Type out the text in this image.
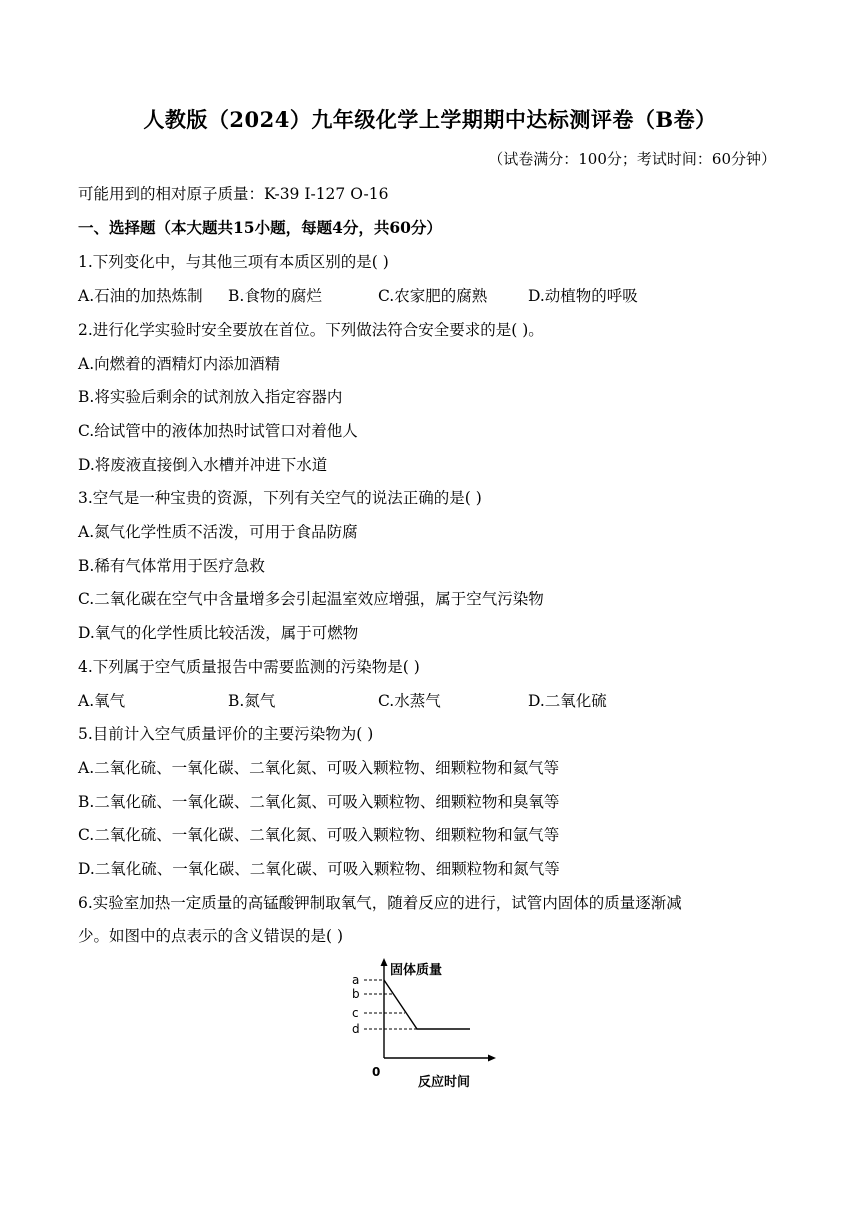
人教版（2024）九年级化学上学期期中达标测评卷（B卷）
（试卷满分：100分；考试时间：60分钟）
可能用到的相对原子质量：K-39 I-127 O-16
一、选择题（本大题共15小题，每题4分，共60分）
1.下列变化中，与其他三项有本质区别的是( )
A.石油的加热炼制 B.食物的腐烂	C.农家肥的腐熟	D.动植物的呼吸
2.进行化学实验时安全要放在首位。下列做法符合安全要求的是( )。
A.向燃着的酒精灯内添加酒精
B.将实验后剩余的试剂放入指定容器内
C.给试管中的液体加热时试管口对着他人
D.将废液直接倒入水槽并冲进下水道
3.空气是一种宝贵的资源，下列有关空气的说法正确的是( )
A.氮气化学性质不活泼，可用于食品防腐
B.稀有气体常用于医疗急救
C.二氧化碳在空气中含量增多会引起温室效应增强，属于空气污染物
D.氧气的化学性质比较活泼，属于可燃物
4.下列属于空气质量报告中需要监测的污染物是( )
A.氧气	B.氮气	C.水蒸气	D.二氧化硫
5.目前计入空气质量评价的主要污染物为( )
A.二氧化硫、一氧化碳、二氧化氮、可吸入颗粒物、细颗粒物和氦气等
B.二氧化硫、一氧化碳、二氧化氮、可吸入颗粒物、细颗粒物和臭氧等
C.二氧化硫、一氧化碳、二氧化氮、可吸入颗粒物、细颗粒物和氩气等
D.二氧化硫、一氧化碳、二氧化碳、可吸入颗粒物、细颗粒物和氮气等
6.实验室加热一定质量的高锰酸钾制取氧气，随着反应的进行，试管内固体的质量逐渐减
少。如图中的点表示的含义错误的是( )
a
b
c
d
固体质量
0
反应时间
